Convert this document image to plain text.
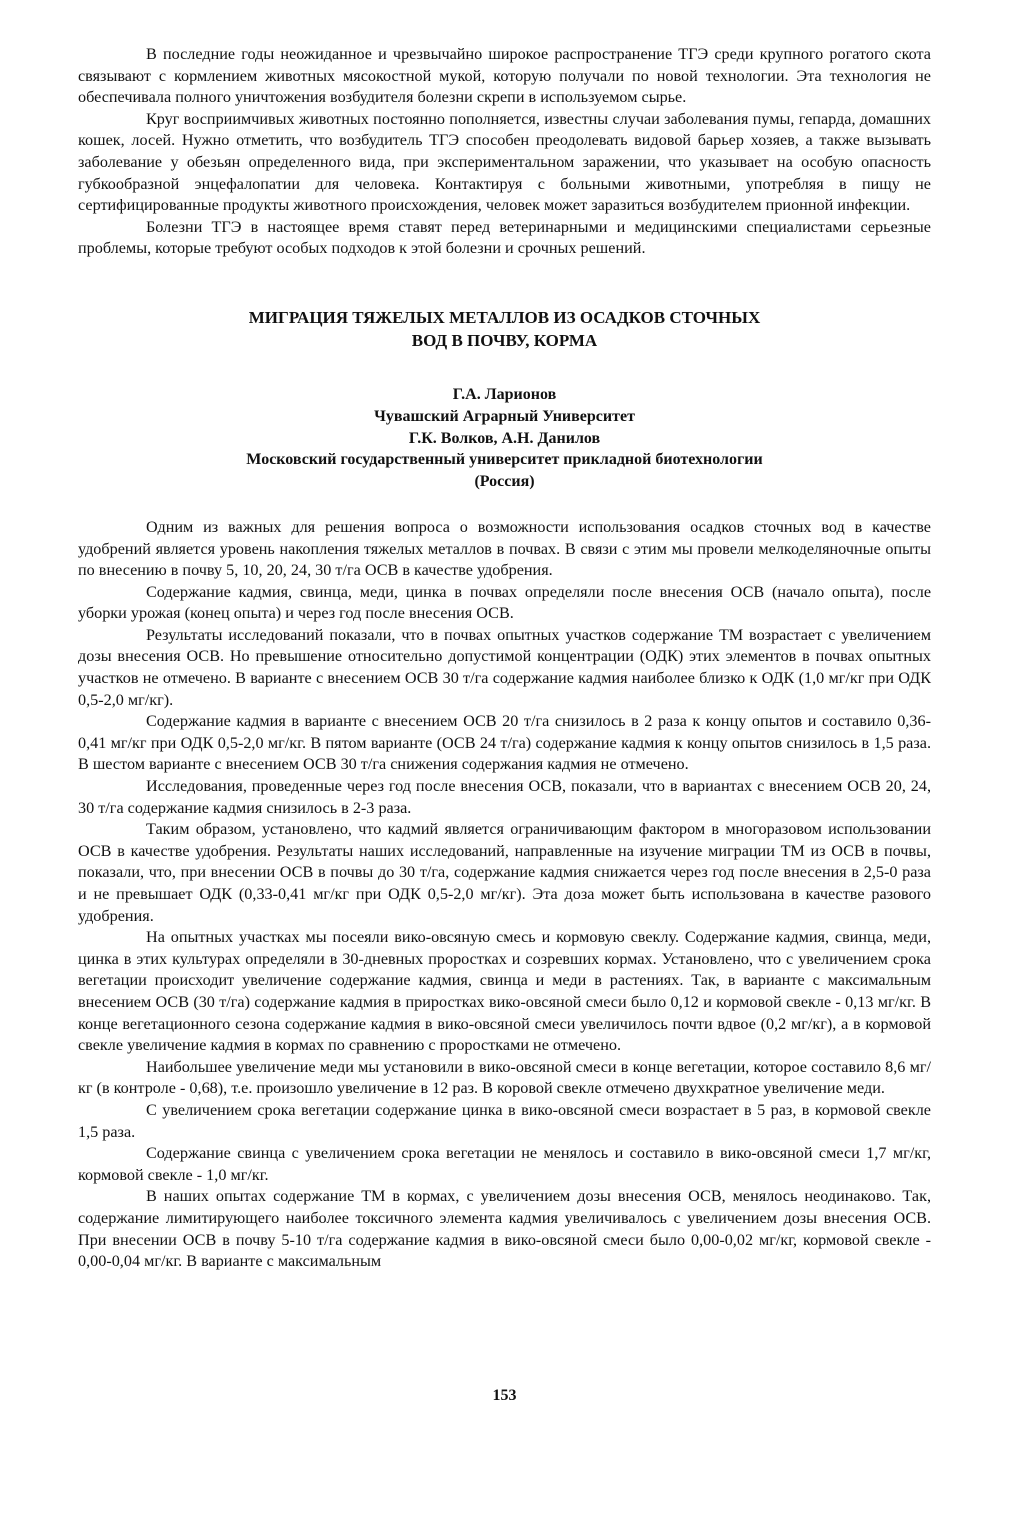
В последние годы неожиданное и чрезвычайно широкое распространение ТГЭ среди крупного рогатого скота связывают с кормлением животных мясокостной мукой, которую получали по новой технологии. Эта технология не обеспечивала полного уничтожения возбудителя болезни скрепи в используемом сырье.

Круг восприимчивых животных постоянно пополняется, известны случаи заболевания пумы, гепарда, домашних кошек, лосей. Нужно отметить, что возбудитель ТГЭ способен преодолевать видовой барьер хозяев, а также вызывать заболевание у обезьян определенного вида, при экспериментальном заражении, что указывает на особую опасность губкообразной энцефалопатии для человека. Контактируя с больными животными, употребляя в пищу не сертифицированные продукты животного происхождения, человек может заразиться возбудителем прионной инфекции.

Болезни ТГЭ в настоящее время ставят перед ветеринарными и медицинскими специалистами серьезные проблемы, которые требуют особых подходов к этой болезни и срочных решений.

МИГРАЦИЯ ТЯЖЕЛЫХ МЕТАЛЛОВ ИЗ ОСАДКОВ СТОЧНЫХ
ВОД В ПОЧВУ, КОРМА
Г.А. Ларионов
Чувашский Аграрный Университет
Г.К. Волков, А.Н. Данилов
Московский государственный университет прикладной биотехнологии
(Россия)

Одним из важных для решения вопроса о возможности использования осадков сточных вод в качестве удобрений является уровень накопления тяжелых металлов в почвах. В связи с этим мы провели мелкоделяночные опыты по внесению в почву 5, 10, 20, 24, 30 т/га ОСВ в качестве удобрения.

Содержание кадмия, свинца, меди, цинка в почвах определяли после внесения ОСВ (начало опыта), после уборки урожая (конец опыта) и через год после внесения ОСВ.

Результаты исследований показали, что в почвах опытных участков содержание ТМ возрастает с увеличением дозы внесения ОСВ. Но превышение относительно допустимой концентрации (ОДК) этих элементов в почвах опытных участков не отмечено. В варианте с внесением ОСВ 30 т/га содержание кадмия наиболее близко к ОДК (1,0 мг/кг при ОДК 0,5-2,0 мг/кг).

Содержание кадмия в варианте с внесением ОСВ 20 т/га снизилось в 2 раза к концу опытов и составило 0,36-0,41 мг/кг при ОДК 0,5-2,0 мг/кг. В пятом варианте (ОСВ 24 т/га) содержание кадмия к концу опытов снизилось в 1,5 раза. В шестом варианте с внесением ОСВ 30 т/га снижения содержания кадмия не отмечено.

Исследования, проведенные через год после внесения ОСВ, показали, что в вариантах с внесением ОСВ 20, 24, 30 т/га содержание кадмия снизилось в 2-3 раза.

Таким образом, установлено, что кадмий является ограничивающим фактором в многоразовом использовании ОСВ в качестве удобрения. Результаты наших исследований, направленные на изучение миграции ТМ из ОСВ в почвы, показали, что, при внесении ОСВ в почвы до 30 т/га, содержание кадмия снижается через год после внесения в 2,5-0 раза и не превышает ОДК (0,33-0,41 мг/кг при ОДК 0,5-2,0 мг/кг). Эта доза может быть использована в качестве разового удобрения.

На опытных участках мы посеяли вико-овсяную смесь и кормовую свеклу. Содержание кадмия, свинца, меди, цинка в этих культурах определяли в 30-дневных проростках и созревших кормах. Установлено, что с увеличением срока вегетации происходит увеличение содержание кадмия, свинца и меди в растениях. Так, в варианте с максимальным внесением ОСВ (30 т/га) содержание кадмия в приростках вико-овсяной смеси было 0,12 и кормовой свекле - 0,13 мг/кг. В конце вегетационного сезона содержание кадмия в вико-овсяной смеси увеличилось почти вдвое (0,2 мг/кг), а в кормовой свекле увеличение кадмия в кормах по сравнению с проростками не отмечено.

Наибольшее увеличение меди мы установили в вико-овсяной смеси в конце вегетации, которое составило 8,6 мг/кг (в контроле - 0,68), т.е. произошло увеличение в 12 раз. В коровой свекле отмечено двухкратное увеличение меди.

С увеличением срока вегетации содержание цинка в вико-овсяной смеси возрастает в 5 раз, в кормовой свекле 1,5 раза.

Содержание свинца с увеличением срока вегетации не менялось и составило в вико-овсяной смеси 1,7 мг/кг, кормовой свекле - 1,0 мг/кг.

В наших опытах содержание ТМ в кормах, с увеличением дозы внесения ОСВ, менялось неодинаково. Так, содержание лимитирующего наиболее токсичного элемента кадмия увеличивалось с увеличением дозы внесения ОСВ. При внесении ОСВ в почву 5-10 т/га содержание кадмия в вико-овсяной смеси было 0,00-0,02 мг/кг, кормовой свекле - 0,00-0,04 мг/кг. В варианте с максимальным

153
